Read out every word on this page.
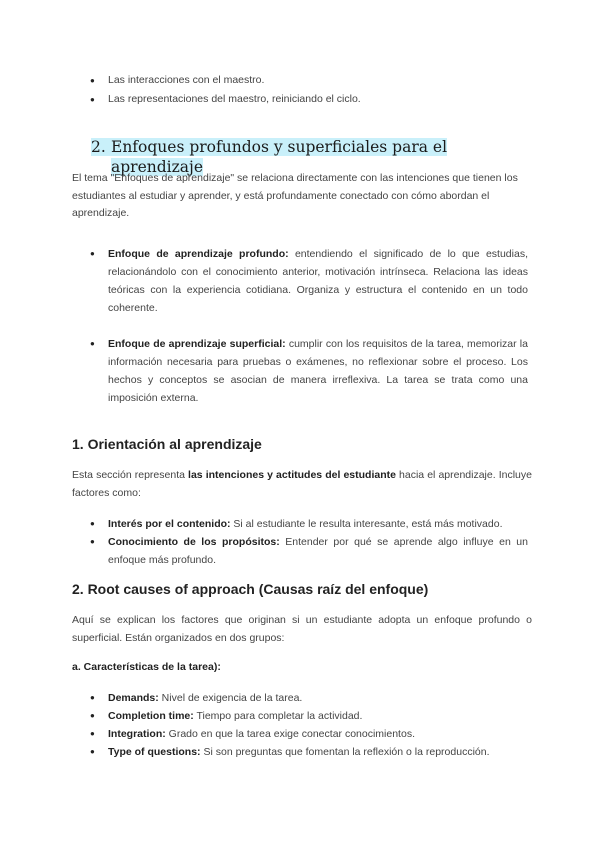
● Las interacciones con el maestro.
● Las representaciones del maestro, reiniciando el ciclo.
2. Enfoques profundos y superficiales para el
aprendizaje

El tema "Enfoques de aprendizaje" se relaciona directamente con las intenciones que tienen los estudiantes al estudiar y aprender, y está profundamente conectado con cómo abordan el aprendizaje.

● Enfoque de aprendizaje profundo: entendiendo el significado de lo que estudias, relacionándolo con el conocimiento anterior, motivación intrínseca. Relaciona las ideas teóricas con la experiencia cotidiana. Organiza y estructura el contenido en un todo coherente.
● Enfoque de aprendizaje superficial: cumplir con los requisitos de la tarea, memorizar la información necesaria para pruebas o exámenes, no reflexionar sobre el proceso. Los hechos y conceptos se asocian de manera irreflexiva. La tarea se trata como una imposición externa.
1. Orientación al aprendizaje

Esta sección representa las intenciones y actitudes del estudiante hacia el aprendizaje. Incluye factores como:

● Interés por el contenido: Si al estudiante le resulta interesante, está más motivado.
● Conocimiento de los propósitos: Entender por qué se aprende algo influye en un enfoque más profundo.
2. Root causes of approach (Causas raíz del enfoque)

Aquí se explican los factores que originan si un estudiante adopta un enfoque profundo o superficial. Están organizados en dos grupos:

a. Características de la tarea):
● Demands: Nivel de exigencia de la tarea.
● Completion time: Tiempo para completar la actividad.
● Integration: Grado en que la tarea exige conectar conocimientos.
● Type of questions: Si son preguntas que fomentan la reflexión o la reproducción.
